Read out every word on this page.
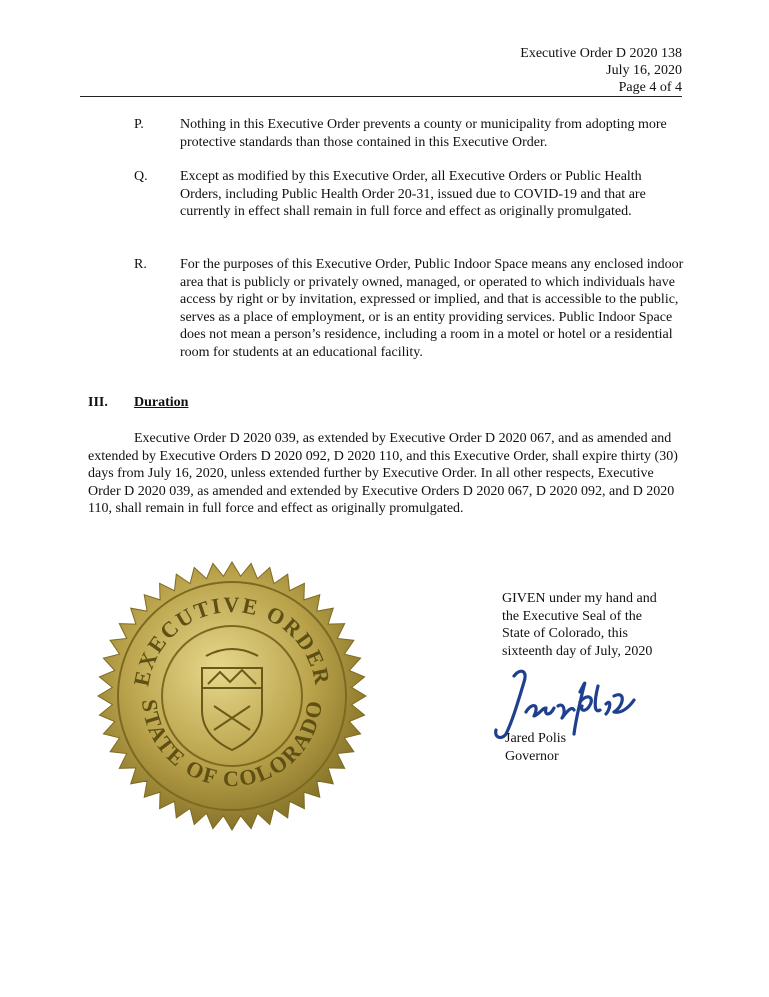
Executive Order D 2020 138
July 16, 2020
Page 4 of 4
P.	Nothing in this Executive Order prevents a county or municipality from adopting more protective standards than those contained in this Executive Order.
Q. Except as modified by this Executive Order, all Executive Orders or Public Health Orders, including Public Health Order 20-31, issued due to COVID-19 and that are currently in effect shall remain in full force and effect as originally promulgated.
R. For the purposes of this Executive Order, Public Indoor Space means any enclosed indoor area that is publicly or privately owned, managed, or operated to which individuals have access by right or by invitation, expressed or implied, and that is accessible to the public, serves as a place of employment, or is an entity providing services. Public Indoor Space does not mean a person’s residence, including a room in a motel or hotel or a residential room for students at an educational facility.
III. Duration
Executive Order D 2020 039, as extended by Executive Order D 2020 067, and as amended and extended by Executive Orders D 2020 092, D 2020 110, and this Executive Order, shall expire thirty (30) days from July 16, 2020, unless extended further by Executive Order. In all other respects, Executive Order D 2020 039, as amended and extended by Executive Orders D 2020 067, D 2020 092, and D 2020 110, shall remain in full force and effect as originally promulgated.
EXECUTIVE ORDER
STATE OF COLORADO
GIVEN under my hand and
the Executive Seal of the
State of Colorado, this
sixteenth day of July, 2020
Jared Polis
Governor
